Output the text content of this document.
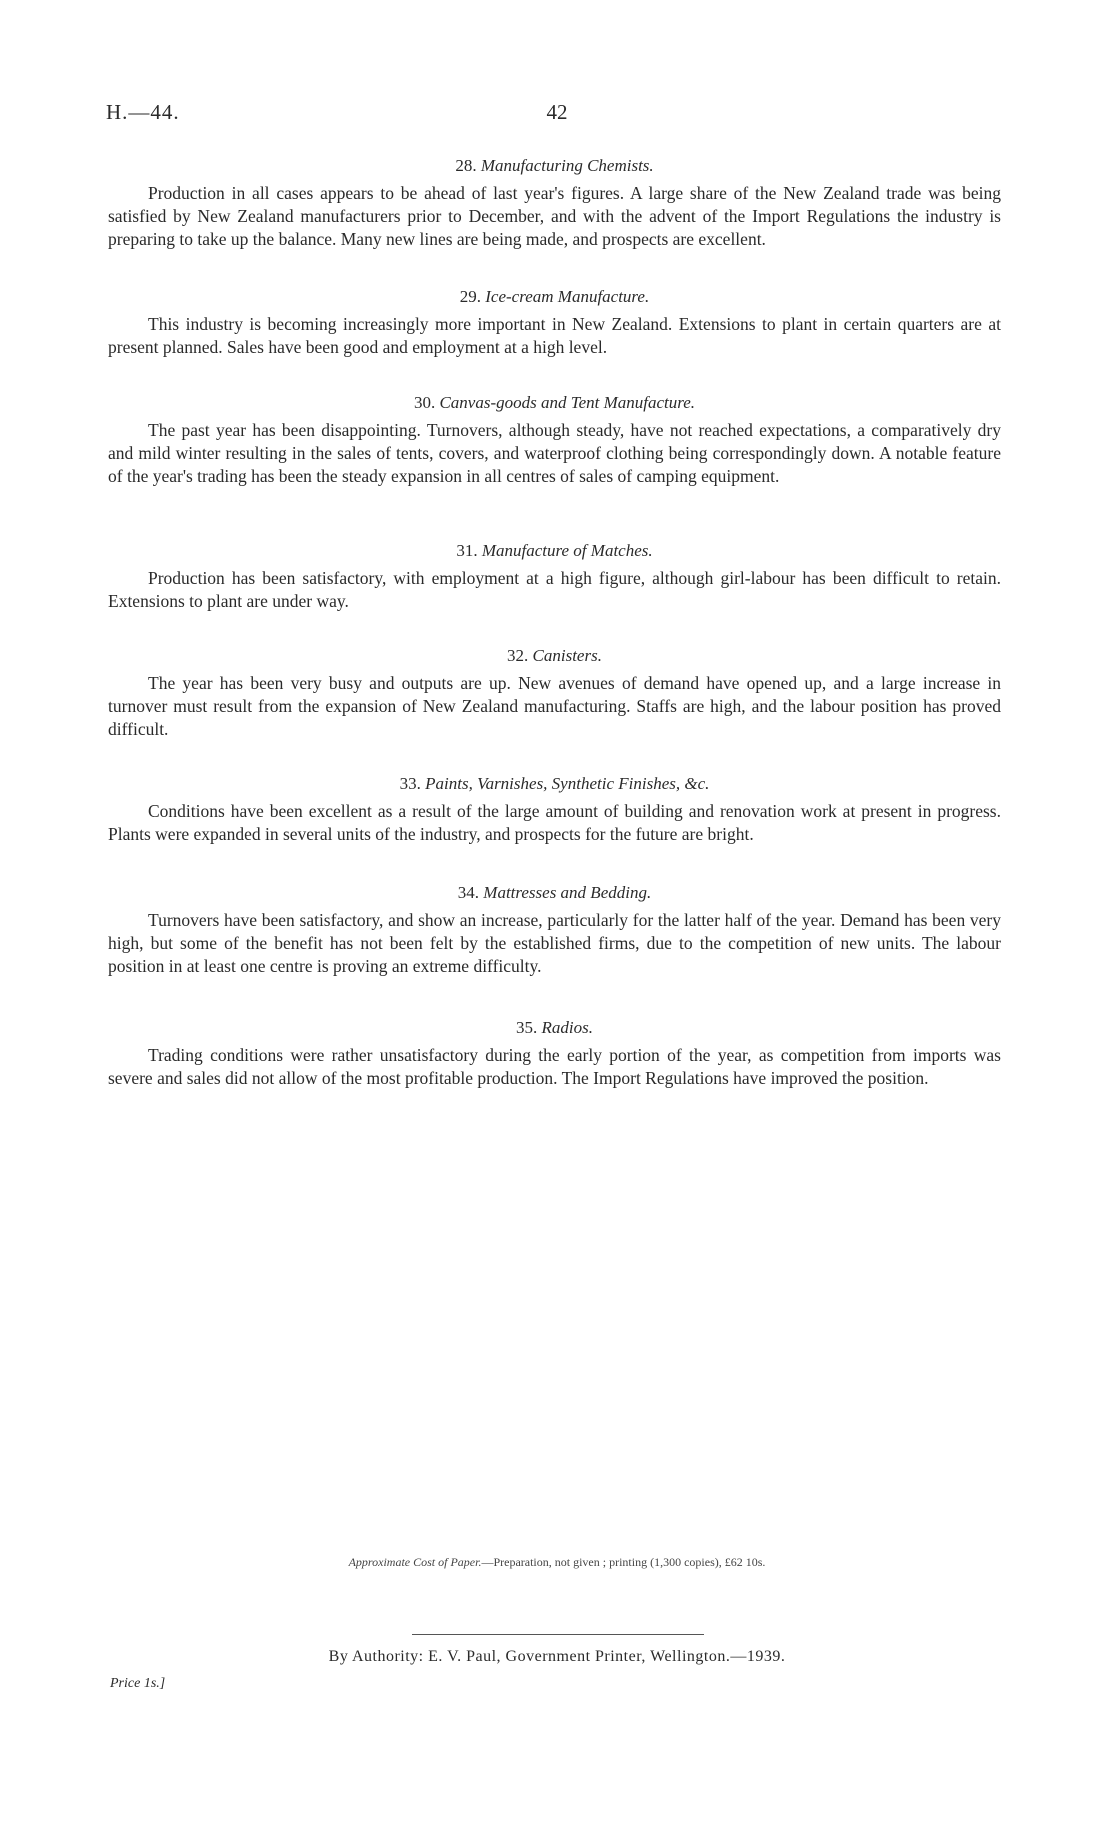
H.—44.	42
28. Manufacturing Chemists.

Production in all cases appears to be ahead of last year's figures. A large share of the New Zealand trade was being satisfied by New Zealand manufacturers prior to December, and with the advent of the Import Regulations the industry is preparing to take up the balance. Many new lines are being made, and prospects are excellent.

29. Ice-cream Manufacture.

This industry is becoming increasingly more important in New Zealand. Extensions to plant in certain quarters are at present planned. Sales have been good and employment at a high level.

30. Canvas-goods and Tent Manufacture.

The past year has been disappointing. Turnovers, although steady, have not reached expectations, a comparatively dry and mild winter resulting in the sales of tents, covers, and waterproof clothing being correspondingly down. A notable feature of the year's trading has been the steady expansion in all centres of sales of camping equipment.

31. Manufacture of Matches.

Production has been satisfactory, with employment at a high figure, although girl-labour has been difficult to retain. Extensions to plant are under way.

32. Canisters.

The year has been very busy and outputs are up. New avenues of demand have opened up, and a large increase in turnover must result from the expansion of New Zealand manufacturing. Staffs are high, and the labour position has proved difficult.

33. Paints, Varnishes, Synthetic Finishes, &c.

Conditions have been excellent as a result of the large amount of building and renovation work at present in progress. Plants were expanded in several units of the industry, and prospects for the future are bright.

34. Mattresses and Bedding.

Turnovers have been satisfactory, and show an increase, particularly for the latter half of the year. Demand has been very high, but some of the benefit has not been felt by the established firms, due to the competition of new units. The labour position in at least one centre is proving an extreme difficulty.

35. Radios.

Trading conditions were rather unsatisfactory during the early portion of the year, as competition from imports was severe and sales did not allow of the most profitable production. The Import Regulations have improved the position.

Approximate Cost of Paper.—Preparation, not given ; printing (1,300 copies), £62 10s.
By Authority: E. V. Paul, Government Printer, Wellington.—1939.
Price 1s.]
